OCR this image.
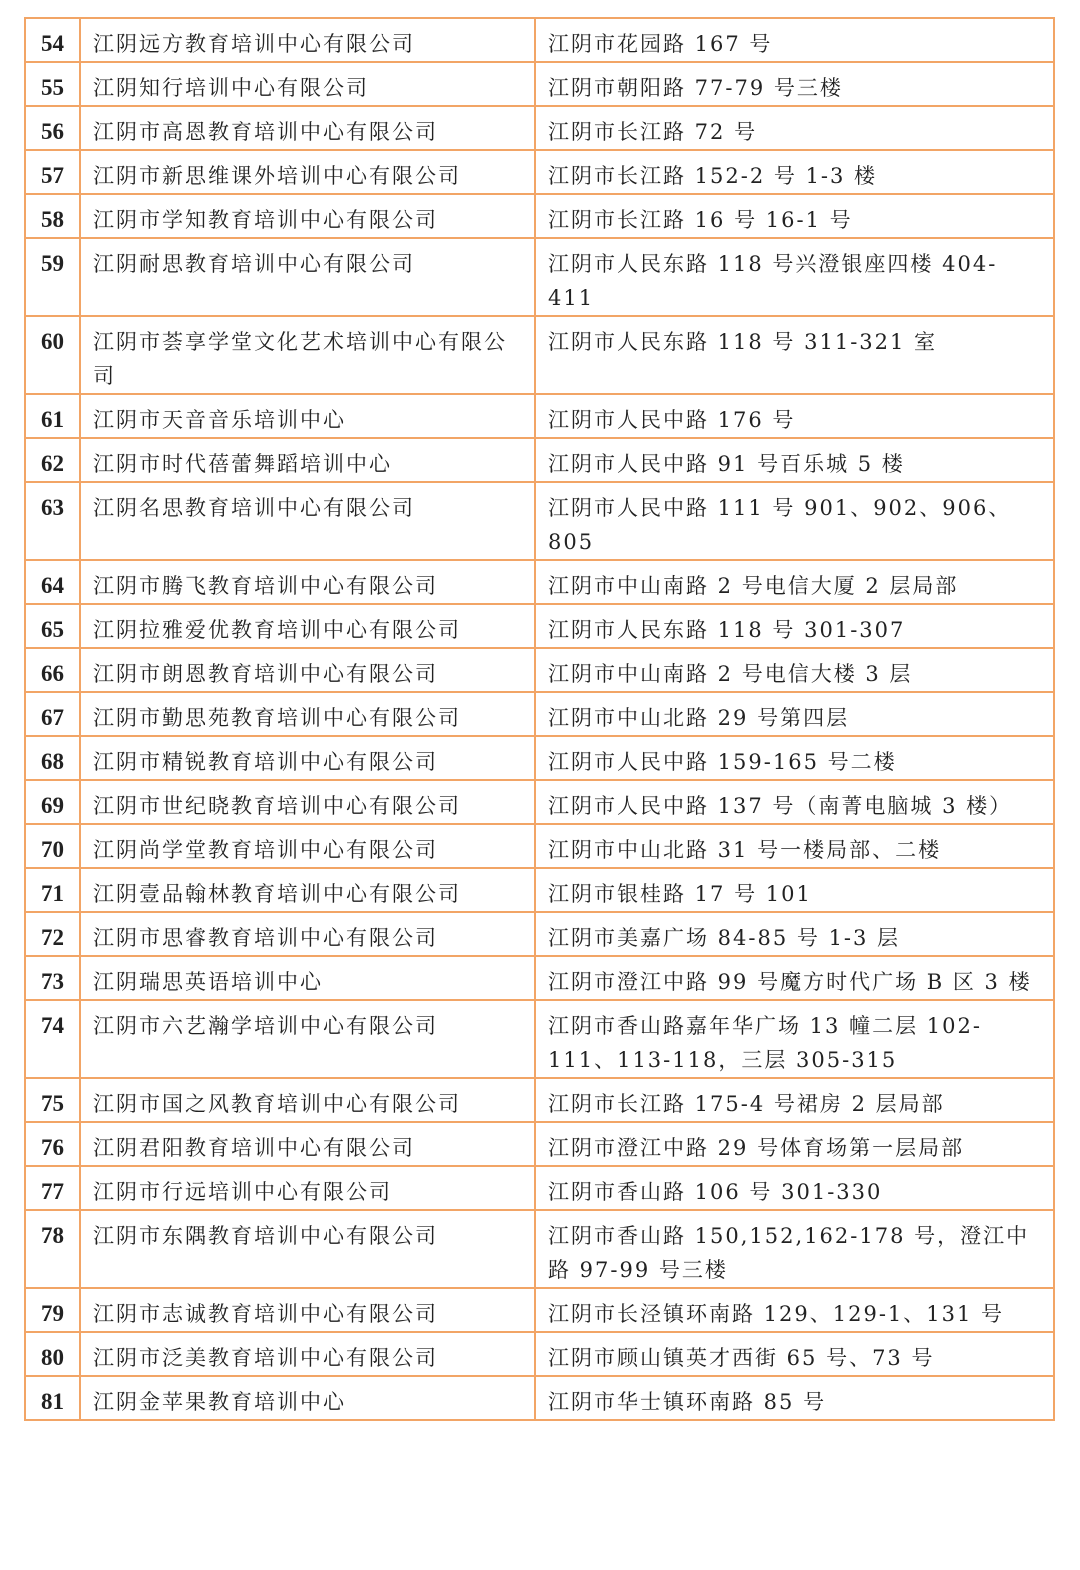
54	江阴远方教育培训中心有限公司	江阴市花园路 167 号
55	江阴知行培训中心有限公司	江阴市朝阳路 77-79 号三楼
56	江阴市高恩教育培训中心有限公司	江阴市长江路 72 号
57	江阴市新思维课外培训中心有限公司	江阴市长江路 152-2 号 1-3 楼
58	江阴市学知教育培训中心有限公司	江阴市长江路 16 号 16-1 号
59	江阴耐思教育培训中心有限公司	江阴市人民东路 118 号兴澄银座四楼 404-411
60	江阴市荟享学堂文化艺术培训中心有限公司	江阴市人民东路 118 号 311-321 室
61	江阴市天音音乐培训中心	江阴市人民中路 176 号
62	江阴市时代蓓蕾舞蹈培训中心	江阴市人民中路 91 号百乐城 5 楼
63	江阴名思教育培训中心有限公司	江阴市人民中路 111 号 901、902、906、805
64	江阴市腾飞教育培训中心有限公司	江阴市中山南路 2 号电信大厦 2 层局部
65	江阴拉雅爱优教育培训中心有限公司	江阴市人民东路 118 号 301-307
66	江阴市朗恩教育培训中心有限公司	江阴市中山南路 2 号电信大楼 3 层
67	江阴市勤思苑教育培训中心有限公司	江阴市中山北路 29 号第四层
68	江阴市精锐教育培训中心有限公司	江阴市人民中路 159-165 号二楼
69	江阴市世纪晓教育培训中心有限公司	江阴市人民中路 137 号（南菁电脑城 3 楼）
70	江阴尚学堂教育培训中心有限公司	江阴市中山北路 31 号一楼局部、二楼
71	江阴壹品翰林教育培训中心有限公司	江阴市银桂路 17 号 101
72	江阴市思睿教育培训中心有限公司	江阴市美嘉广场 84-85 号 1-3 层
73	江阴瑞思英语培训中心	江阴市澄江中路 99 号魔方时代广场 B 区 3 楼
74	江阴市六艺瀚学培训中心有限公司	江阴市香山路嘉年华广场 13 幢二层 102-111、113-118，三层 305-315
75	江阴市国之风教育培训中心有限公司	江阴市长江路 175-4 号裙房 2 层局部
76	江阴君阳教育培训中心有限公司	江阴市澄江中路 29 号体育场第一层局部
77	江阴市行远培训中心有限公司	江阴市香山路 106 号 301-330
78	江阴市东隅教育培训中心有限公司	江阴市香山路 150,152,162-178 号，澄江中路 97-99 号三楼
79	江阴市志诚教育培训中心有限公司	江阴市长泾镇环南路 129、129-1、131 号
80	江阴市泛美教育培训中心有限公司	江阴市顾山镇英才西街 65 号、73 号
81	江阴金苹果教育培训中心	江阴市华士镇环南路 85 号
